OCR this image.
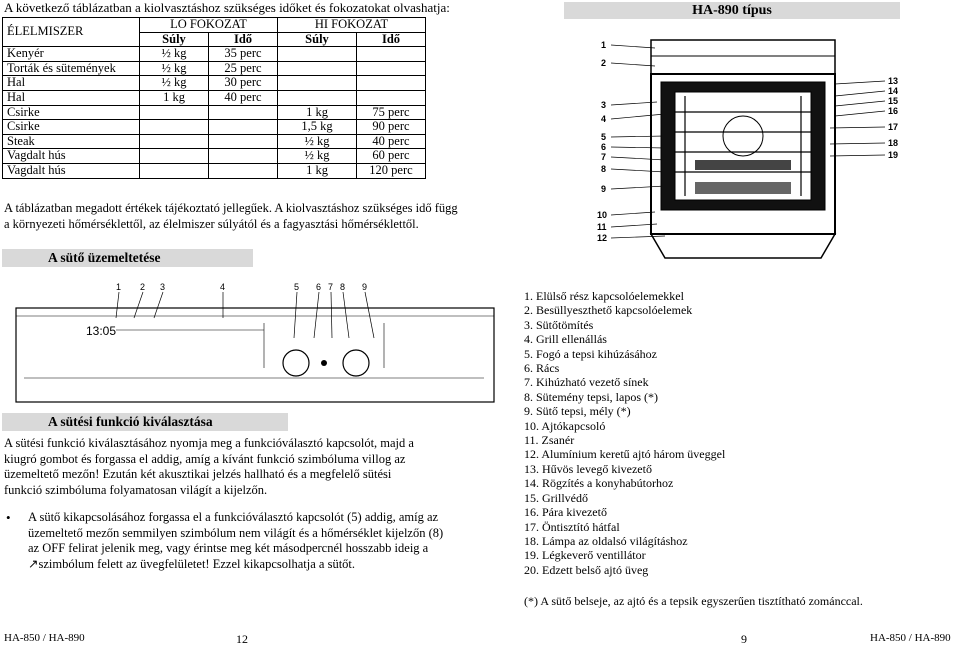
A következő táblázatban a kiolvasztáshoz szükséges időket és fokozatokat olvashatja:
ÉLELMISZER	LO FOKOZAT		HI FOKOZAT	
	Súly	Idő	Súly	Idő
Kenyér	½ kg	35 perc		
Torták és sütemények	½ kg	25 perc		
Hal	½ kg	30 perc		
Hal	1 kg	40 perc		
Csirke			1 kg	75 perc
Csirke			1,5 kg	90 perc
Steak			½ kg	40 perc
Vagdalt hús			½ kg	60 perc
Vagdalt hús			1 kg	120 perc
A táblázatban megadott értékek tájékoztató jellegűek. A kiolvasztáshoz szükséges idő függ a környezeti hőmérséklettől, az élelmiszer súlyától és a fagyasztási hőmérséklettől.
A sütő üzemeltetése
1 2 3	4	5 6 7 8 9
13:05
A sütési funkció kiválasztása
A sütési funkció kiválasztásához nyomja meg a funkcióválasztó kapcsolót, majd a kiugró gombot és forgassa el addig, amíg a kívánt funkció szimbóluma villog az üzemeltető mezőn! Ezután két akusztikai jelzés hallható és a megfelelő sütési funkció szimbóluma folyamatosan világít a kijelzőn.
• A sütő kikapcsolásához forgassa el a funkcióválasztó kapcsolót (5) addig, amíg az üzemeltető mezőn semmilyen szimbólum nem világít és a hőmérséklet kijelzőn (8) az OFF felirat jelenik meg, vagy érintse meg két másodpercnél hosszabb ideig a ↗szimbólum felett az üvegfelületet! Ezzel kikapcsolhatja a sütőt.
HA-890 típus
1
2
3
4
5
6
7
8
9
10
11
12
13
14
15
16
17
18
19
1. Elülső rész kapcsolóelemekkel
2. Besüllyeszthető kapcsolóelemek
3. Sütőtömítés
4. Grill ellenállás
5. Fogó a tepsi kihúzásához
6. Rács
7. Kihúzható vezető sínek
8. Sütemény tepsi, lapos (*)
9. Sütő tepsi, mély (*)
10. Ajtókapcsoló
11. Zsanér
12. Alumínium keretű ajtó három üveggel
13. Hűvös levegő kivezető
14. Rögzítés a konyhabútorhoz
15. Grillvédő
16. Pára kivezető
17. Öntisztító hátfal
18. Lámpa az oldalsó világításhoz
19. Légkeverő ventillátor
20. Edzett belső ajtó üveg
(*) A sütő belseje, az ajtó és a tepsik egyszerűen tisztítható zománccal.
HA-850 / HA-890	12	9	HA-850 / HA-890
